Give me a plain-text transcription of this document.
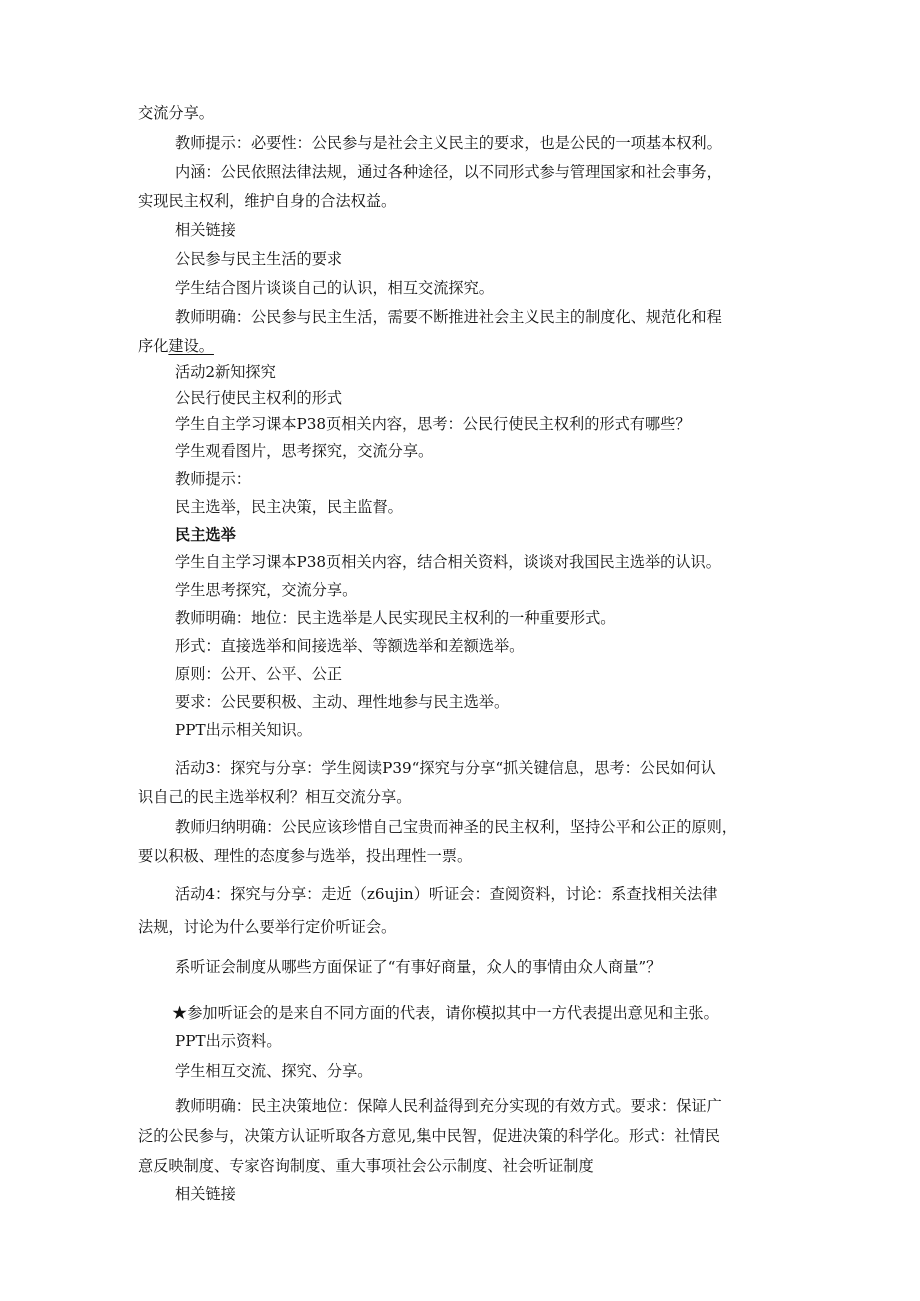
交流分享。
教师提示：必要性：公民参与是社会主义民主的要求，也是公民的一项基本权利。
内涵：公民依照法律法规，通过各种途径，以不同形式参与管理国家和社会事务，
实现民主权利，维护自身的合法权益。
相关链接
公民参与民主生活的要求
学生结合图片谈谈自己的认识，相互交流探究。
教师明确：公民参与民主生活，需要不断推进社会主义民主的制度化、规范化和程
序化建设。
活动2新知探究
公民行使民主权利的形式
学生自主学习课本P38页相关内容，思考：公民行使民主权利的形式有哪些？
学生观看图片，思考探究，交流分享。
教师提示：
民主选举，民主决策，民主监督。
民主选举
学生自主学习课本P38页相关内容，结合相关资料，谈谈对我国民主选举的认识。
学生思考探究，交流分享。
教师明确：地位：民主选举是人民实现民主权利的一种重要形式。
形式：直接选举和间接选举、等额选举和差额选举。
原则：公开、公平、公正
要求：公民要积极、主动、理性地参与民主选举。
PPT出示相关知识。
活动3：探究与分享：学生阅读P39“探究与分享“抓关键信息，思考：公民如何认
识自己的民主选举权利？相互交流分享。
教师归纳明确：公民应该珍惜自己宝贵而神圣的民主权利，坚持公平和公正的原则，
要以积极、理性的态度参与选举，投出理性一票。
活动4：探究与分享：走近（z6ujin）听证会：查阅资料，讨论：系查找相关法律
法规，讨论为什么要举行定价听证会。
系听证会制度从哪些方面保证了“有事好商量，众人的事情由众人商量”？
★参加听证会的是来自不同方面的代表，请你模拟其中一方代表提出意见和主张。
PPT出示资料。
学生相互交流、探究、分享。
教师明确：民主决策地位：保障人民利益得到充分实现的有效方式。要求：保证广
泛的公民参与，决策方认证听取各方意见,集中民智，促进决策的科学化。形式：社情民
意反映制度、专家咨询制度、重大事项社会公示制度、社会听证制度
相关链接
